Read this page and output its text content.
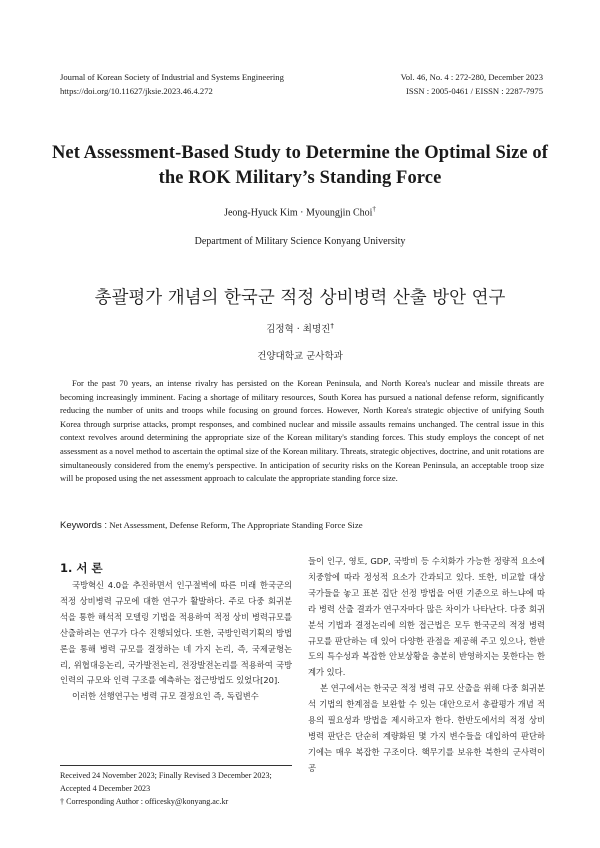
Journal of Korean Society of Industrial and Systems Engineering
https://doi.org/10.11627/jksie.2023.46.4.272
Vol. 46, No. 4 : 272-280, December 2023
ISSN : 2005-0461 / EISSN : 2287-7975
Net Assessment-Based Study to Determine the Optimal Size of
the ROK Military’s Standing Force
Jeong-Hyuck Kim · Myoungjin Choi†
Department of Military Science Konyang University
총괄평가 개념의 한국군 적정 상비병력 산출 방안 연구
김정혁 · 최명진†
건양대학교 군사학과

For the past 70 years, an intense rivalry has persisted on the Korean Peninsula, and North Korea's nuclear and missile threats are becoming increasingly imminent. Facing a shortage of military resources, South Korea has pursued a national defense reform, significantly reducing the number of units and troops while focusing on ground forces. However, North Korea's strategic objective of unifying South Korea through surprise attacks, prompt responses, and combined nuclear and missile assaults remains unchanged. The central issue in this context revolves around determining the appropriate size of the Korean military's standing forces. This study employs the concept of net assessment as a novel method to ascertain the optimal size of the Korean military. Threats, strategic objectives, doctrine, and unit rotations are simultaneously considered from the enemy's perspective. In anticipation of security risks on the Korean Peninsula, an acceptable troop size will be proposed using the net assessment approach to calculate the appropriate standing force size.

Keywords : Net Assessment, Defense Reform, The Appropriate Standing Force Size
1. 서 론

국방혁신 4.0을 추진하면서 인구절벽에 따른 미래 한국군의 적정 상비병력 규모에 대한 연구가 활발하다. 주로 다중 회귀분석을 통한 해석적 모델링 기법을 적용하여 적정 상비 병력규모를 산출하려는 연구가 다수 진행되었다. 또한, 국방인력기획의 방법론을 통해 병력 규모를 결정하는 네 가지 논리, 즉, 국제균형논리, 위협대응논리, 국가발전논리, 전장발전논리를 적용하여 국방인력의 규모와 인력 구조를 예측하는 접근방법도 있었다[20].

이러한 선행연구는 병력 규모 결정요인 즉, 독립변수

들이 인구, 영토, GDP, 국방비 등 수치화가 가능한 정량적 요소에 치중함에 따라 정성적 요소가 간과되고 있다. 또한, 비교할 대상 국가들을 놓고 표본 집단 선정 방법을 어떤 기준으로 하느냐에 따라 병력 산출 결과가 연구자마다 많은 차이가 나타난다. 다중 회귀분석 기법과 결정논리에 의한 접근법은 모두 한국군의 적정 병력규모를 판단하는 데 있어 다양한 관점을 제공해 주고 있으나, 한반도의 특수성과 복잡한 안보상황을 충분히 반영하지는 못한다는 한계가 있다.

본 연구에서는 한국군 적정 병력 규모 산출을 위해 다중 회귀분석 기법의 한계점을 보완할 수 있는 대안으로서 총괄평가 개념 적용의 필요성과 방법을 제시하고자 한다. 한반도에서의 적정 상비병력 판단은 단순히 계량화된 몇 가지 변수들을 대입하여 판단하기에는 매우 복잡한 구조이다. 핵무기를 보유한 북한의 군사력이 공

Received 24 November 2023; Finally Revised 3 December 2023;
Accepted 4 December 2023
† Corresponding Author : officesky@konyang.ac.kr
